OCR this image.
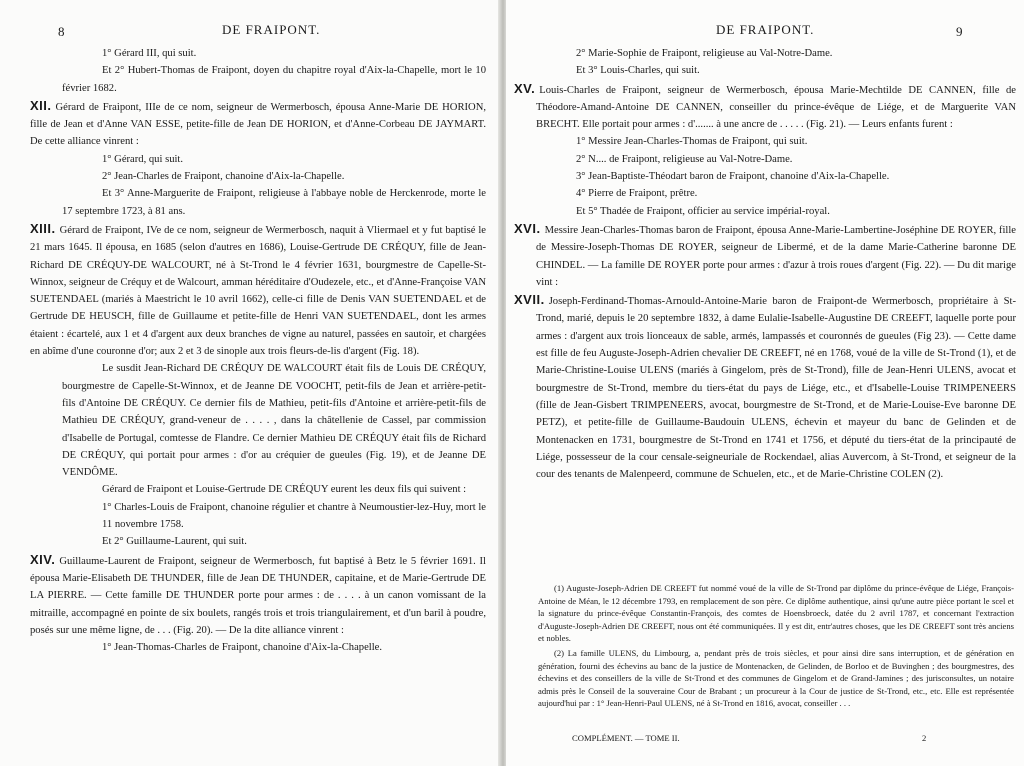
8	DE FRAIPONT.

1° Gérard III, qui suit.

Et 2° Hubert-Thomas de Fraipont, doyen du chapitre royal d'Aix-la-Chapelle, mort le 10 février 1682.

XII. Gérard de Fraipont, IIIe de ce nom, seigneur de Wermerbosch, épousa Anne-Marie DE HORION, fille de Jean et d'Anne VAN ESSE, petite-fille de Jean DE HORION, et d'Anne-Corbeau DE JAYMART. De cette alliance vinrent :

1° Gérard, qui suit.

2° Jean-Charles de Fraipont, chanoine d'Aix-la-Chapelle.

Et 3° Anne-Marguerite de Fraipont, religieuse à l'abbaye noble de Herckenrode, morte le 17 septembre 1723, à 81 ans.

XIII. Gérard de Fraipont, IVe de ce nom, seigneur de Wermerbosch, naquit à Vliermael et y fut baptisé le 21 mars 1645. Il épousa, en 1685 (selon d'autres en 1686), Louise-Gertrude DE CRÉQUY, fille de Jean-Richard DE CRÉQUY-DE WALCOURT, né à St-Trond le 4 février 1631, bourgmestre de Capelle-St-Winnox, seigneur de Créquy et de Walcourt, amman héréditaire d'Oudezele, etc., et d'Anne-Françoise VAN SUETENDAEL (mariés à Maestricht le 10 avril 1662), celle-ci fille de Denis VAN SUETENDAEL et de Gertrude DE HEUSCH, fille de Guillaume et petite-fille de Henri VAN SUETENDAEL, dont les armes étaient : écartelé, aux 1 et 4 d'argent aux deux branches de vigne au naturel, passées en sautoir, et chargées en abîme d'une couronne d'or; aux 2 et 3 de sinople aux trois fleurs-de-lis d'argent (Fig. 18).

Le susdit Jean-Richard DE CRÉQUY DE WALCOURT était fils de Louis DE CRÉQUY, bourgmestre de Capelle-St-Winnox, et de Jeanne DE VOOCHT, petit-fils de Jean et arrière-petit-fils d'Antoine DE CRÉQUY. Ce dernier fils de Mathieu, petit-fils d'Antoine et arrière-petit-fils de Mathieu DE CRÉQUY, grand-veneur de . . . . , dans la châtellenie de Cassel, par commission d'Isabelle de Portugal, comtesse de Flandre. Ce dernier Mathieu DE CRÉQUY était fils de Richard DE CRÉQUY, qui portait pour armes : d'or au créquier de gueules (Fig. 19), et de Jeanne DE VENDÔME.

Gérard de Fraipont et Louise-Gertrude DE CRÉQUY eurent les deux fils qui suivent :

1° Charles-Louis de Fraipont, chanoine régulier et chantre à Neumoustier-lez-Huy, mort le 11 novembre 1758.

Et 2° Guillaume-Laurent, qui suit.

XIV. Guillaume-Laurent de Fraipont, seigneur de Wermerbosch, fut baptisé à Betz le 5 février 1691. Il épousa Marie-Elisabeth DE THUNDER, fille de Jean DE THUNDER, capitaine, et de Marie-Gertrude DE LA PIERRE. — Cette famille DE THUNDER porte pour armes : de . . . . à un canon vomissant de la mitraille, accompagné en pointe de six boulets, rangés trois et trois triangulairement, et d'un baril à poudre, posés sur une même ligne, de . . . (Fig. 20). — De la dite alliance vinrent :

1° Jean-Thomas-Charles de Fraipont, chanoine d'Aix-la-Chapelle.

DE FRAIPONT.	9

2° Marie-Sophie de Fraipont, religieuse au Val-Notre-Dame.

Et 3° Louis-Charles, qui suit.

XV. Louis-Charles de Fraipont, seigneur de Wermerbosch, épousa Marie-Mechtilde DE CANNEN, fille de Théodore-Amand-Antoine DE CANNEN, conseiller du prince-évêque de Liége, et de Marguerite VAN BRECHT. Elle portait pour armes : d'....... à une ancre de . . . . . (Fig. 21). — Leurs enfants furent :

1° Messire Jean-Charles-Thomas de Fraipont, qui suit.

2° N.... de Fraipont, religieuse au Val-Notre-Dame.

3° Jean-Baptiste-Théodart baron de Fraipont, chanoine d'Aix-la-Chapelle.

4° Pierre de Fraipont, prêtre.

Et 5° Thadée de Fraipont, officier au service impérial-royal.

XVI. Messire Jean-Charles-Thomas baron de Fraipont, épousa Anne-Marie-Lambertine-Joséphine DE ROYER, fille de Messire-Joseph-Thomas DE ROYER, seigneur de Libermé, et de la dame Marie-Catherine baronne DE CHINDEL. — La famille DE ROYER porte pour armes : d'azur à trois roues d'argent (Fig. 22). — Du dit marige vint :

XVII. Joseph-Ferdinand-Thomas-Arnould-Antoine-Marie baron de Fraipont-de Wermerbosch, propriétaire à St-Trond, marié, depuis le 20 septembre 1832, à dame Eulalie-Isabelle-Augustine DE CREEFT, laquelle porte pour armes : d'argent aux trois lionceaux de sable, armés, lampassés et couronnés de gueules (Fig 23). — Cette dame est fille de feu Auguste-Joseph-Adrien chevalier DE CREEFT, né en 1768, voué de la ville de St-Trond (1), et de Marie-Christine-Louise ULENS (mariés à Gingelom, près de St-Trond), fille de Jean-Henri ULENS, avocat et bourgmestre de St-Trond, membre du tiers-état du pays de Liége, etc., et d'Isabelle-Louise TRIMPENEERS (fille de Jean-Gisbert TRIMPENEERS, avocat, bourgmestre de St-Trond, et de Marie-Louise-Eve baronne DE PETZ), et petite-fille de Guillaume-Baudouin ULENS, échevin et mayeur du banc de Gelinden et de Montenacken en 1731, bourgmestre de St-Trond en 1741 et 1756, et député du tiers-état de la principauté de Liége, possesseur de la cour censale-seigneuriale de Rockendael, alias Auvercom, à St-Trond, et seigneur de la cour des tenants de Malenpeerd, commune de Schuelen, etc., et de Marie-Christine COLEN (2).

(1) Auguste-Joseph-Adrien DE CREEFT fut nommé voué de la ville de St-Trond par diplôme du prince-évêque de Liége, François-Antoine de Méan, le 12 décembre 1793, en remplacement de son père. Ce diplôme authentique, ainsi qu'une autre pièce portant le scel et la signature du prince-évêque Constantin-François, des comtes de Hoensbroeck, datée du 2 avril 1787, et concernant l'extraction d'Auguste-Joseph-Adrien DE CREEFT, nous ont été communiquées. Il y est dit, entr'autres choses, que les DE CREEFT sont très anciens et nobles.

(2) La famille ULENS, du Limbourg, a, pendant près de trois siècles, et pour ainsi dire sans interruption, et de génération en génération, fourni des échevins au banc de la justice de Montenacken, de Gelinden, de Borloo et de Buvinghen ; des bourgmestres, des échevins et des conseillers de la ville de St-Trond et des communes de Gingelom et de Grand-Jamines ; des jurisconsultes, un notaire admis près le Conseil de la souveraine Cour de Brabant ; un procureur à la Cour de justice de St-Trond, etc., etc. Elle est représentée aujourd'hui par : 1° Jean-Henri-Paul ULENS, né à St-Trond en 1816, avocat, conseiller . . .

COMPLÉMENT. — TOME II.	2
